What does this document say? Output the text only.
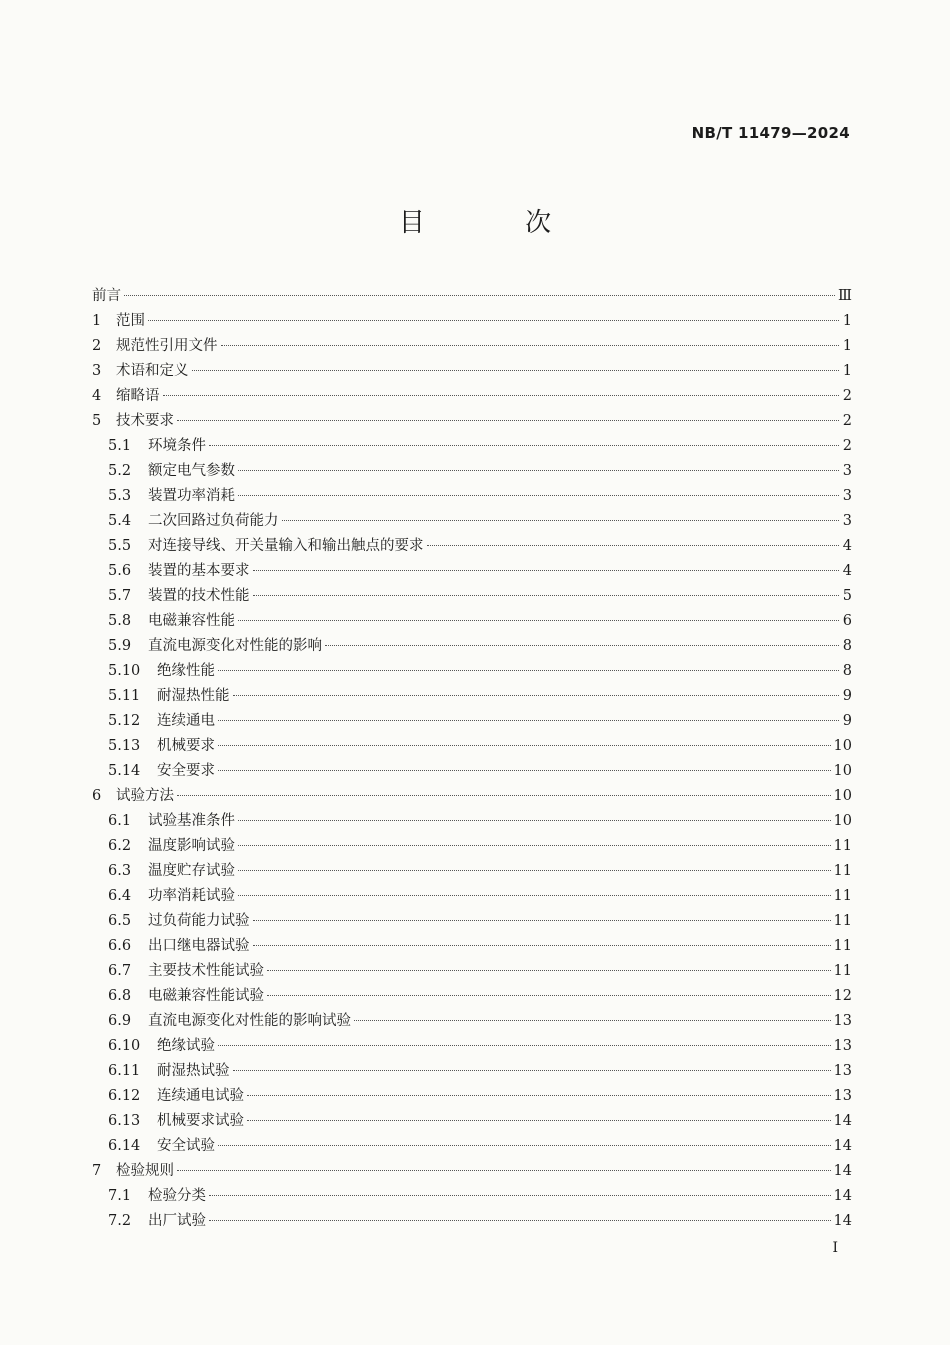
NB/T 11479—2024
目 次
前言	Ⅲ
1	范围	1
2	规范性引用文件	1
3	术语和定义	1
4	缩略语	2
5	技术要求	2
5.1	环境条件	2
5.2	额定电气参数	3
5.3	装置功率消耗	3
5.4	二次回路过负荷能力	3
5.5	对连接导线、开关量输入和输出触点的要求	4
5.6	装置的基本要求	4
5.7	装置的技术性能	5
5.8	电磁兼容性能	6
5.9	直流电源变化对性能的影响	8
5.10	绝缘性能	8
5.11	耐湿热性能	9
5.12	连续通电	9
5.13	机械要求	10
5.14	安全要求	10
6	试验方法	10
6.1	试验基准条件	10
6.2	温度影响试验	11
6.3	温度贮存试验	11
6.4	功率消耗试验	11
6.5	过负荷能力试验	11
6.6	出口继电器试验	11
6.7	主要技术性能试验	11
6.8	电磁兼容性能试验	12
6.9	直流电源变化对性能的影响试验	13
6.10	绝缘试验	13
6.11	耐湿热试验	13
6.12	连续通电试验	13
6.13	机械要求试验	14
6.14	安全试验	14
7	检验规则	14
7.1	检验分类	14
7.2	出厂试验	14
I
